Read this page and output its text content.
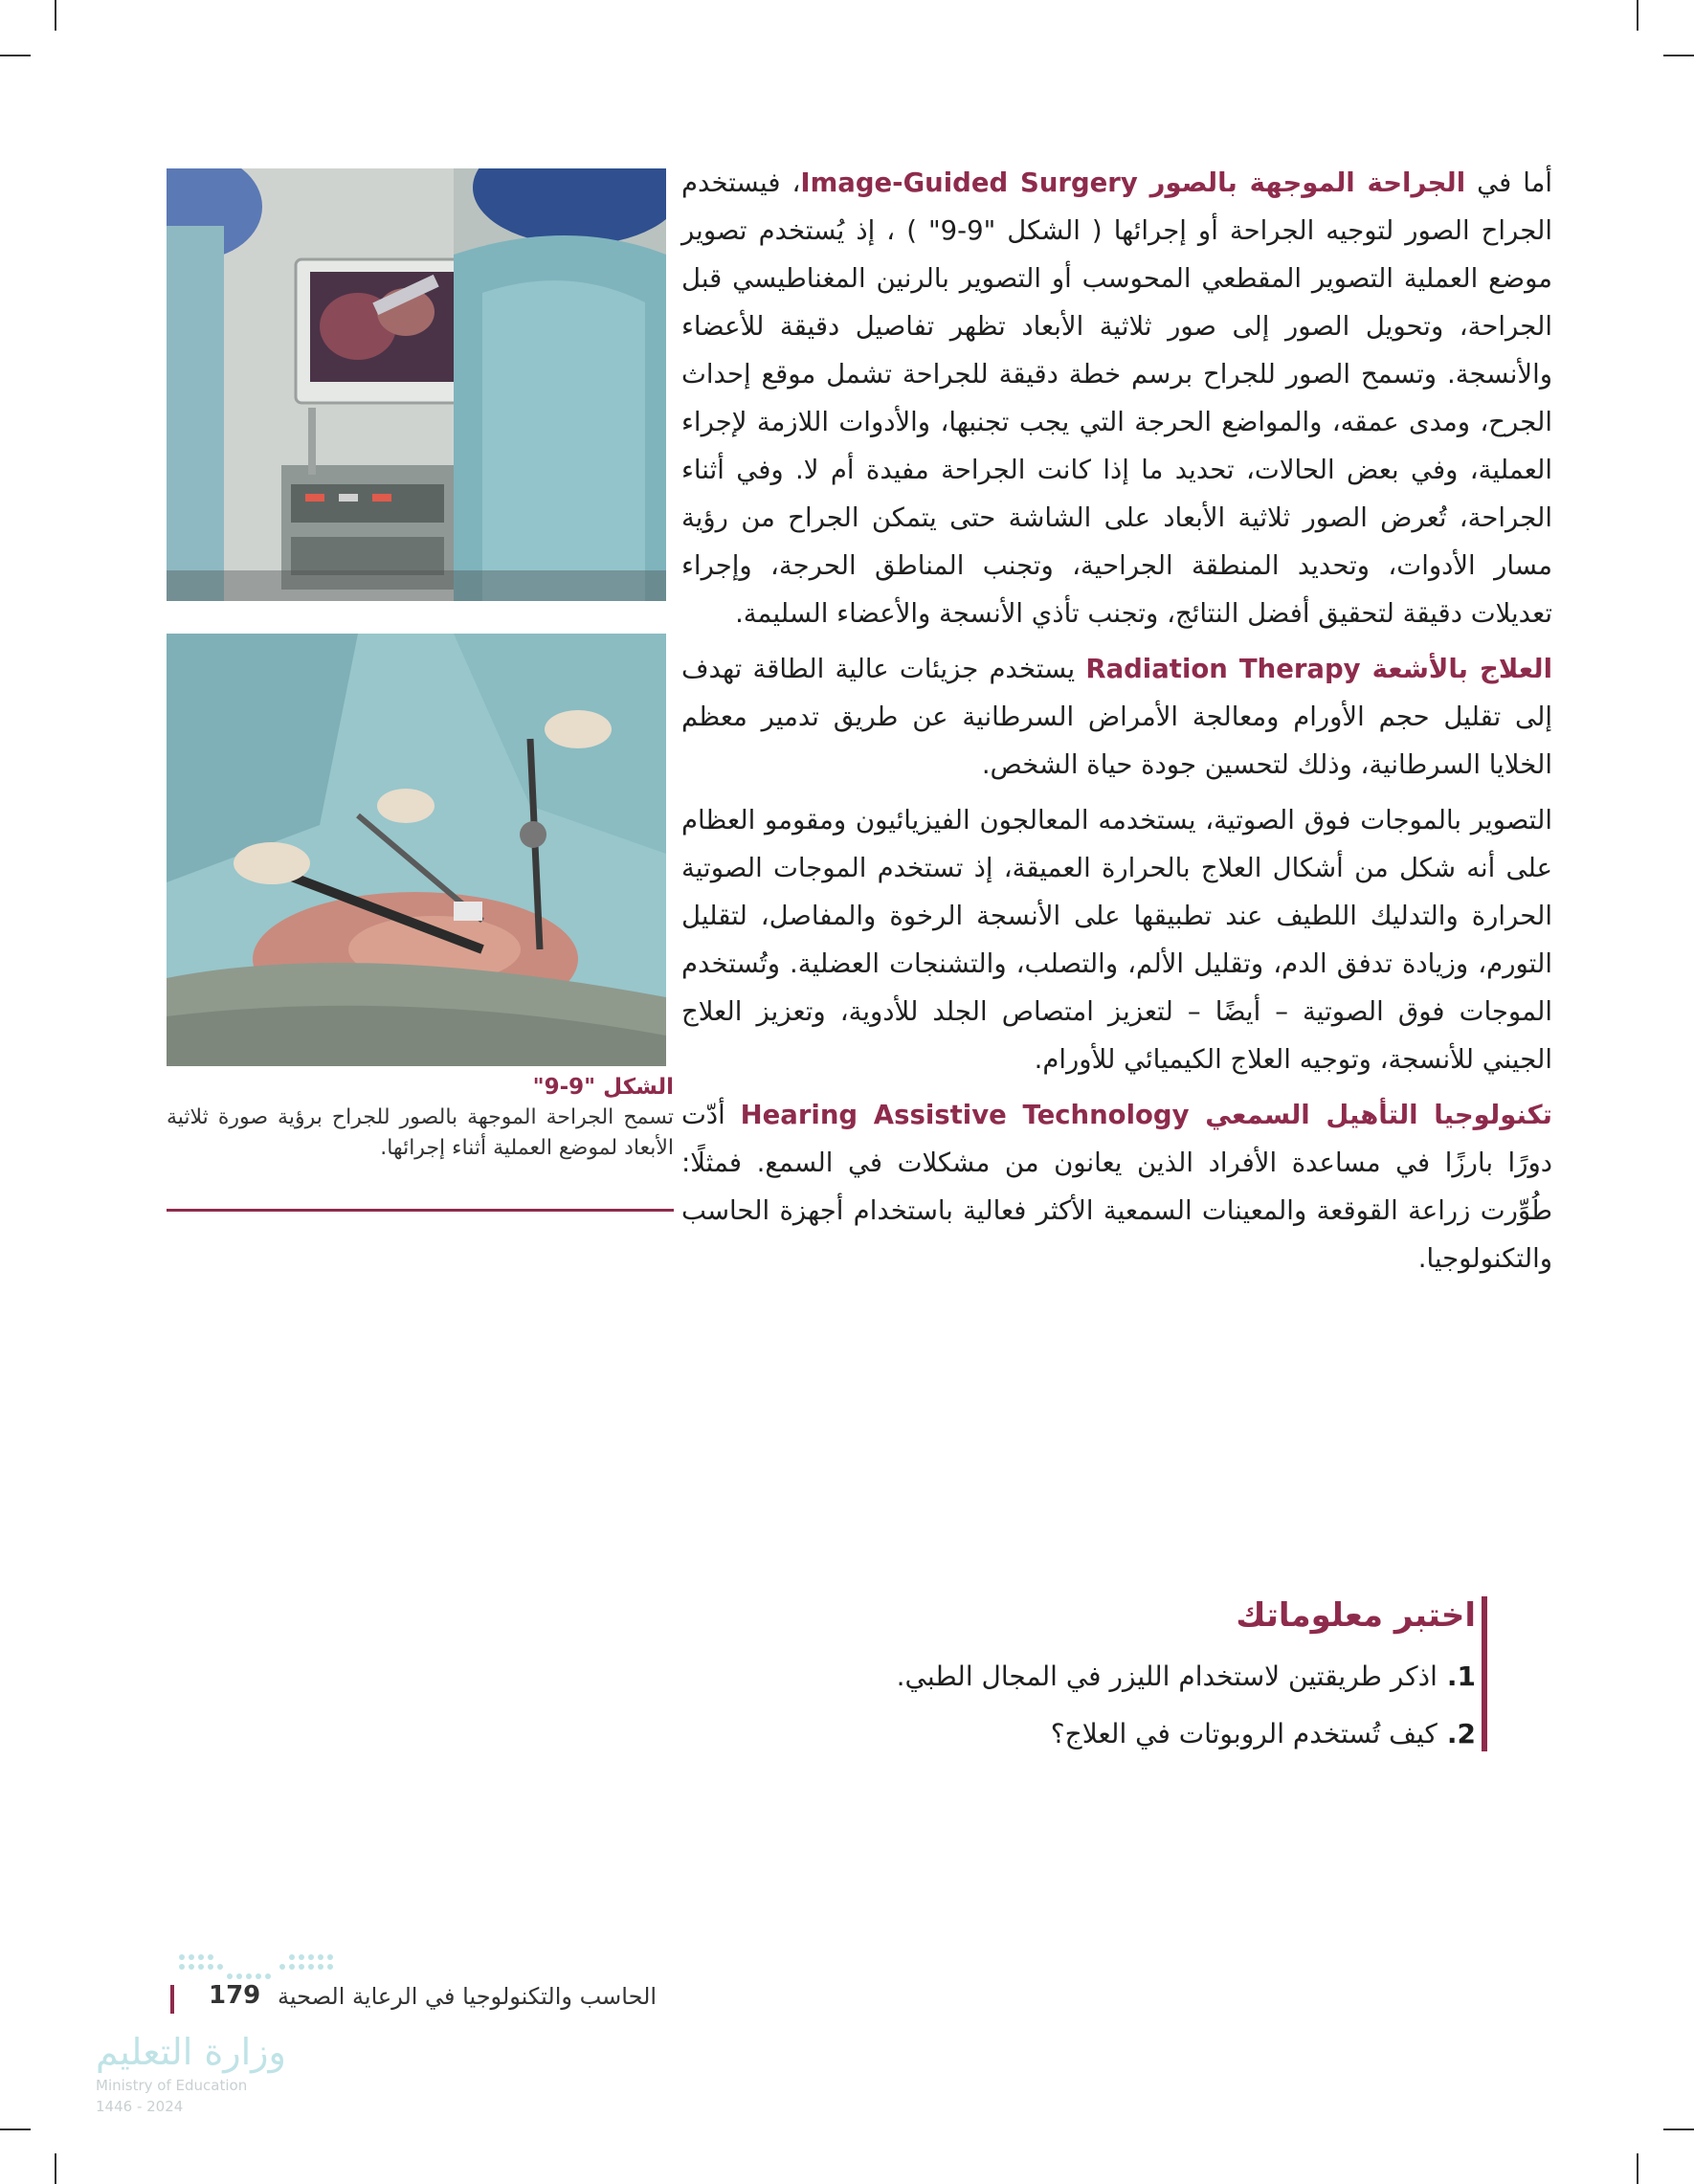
الشكل "9-9"
تسمح الجراحة الموجهة بالصور للجراح برؤية صورة ثلاثية الأبعاد لموضع العملية أثناء إجرائها.

أما في الجراحة الموجهة بالصور Image-Guided Surgery، فيستخدم الجراح الصور لتوجيه الجراحة أو إجرائها ( الشكل "9-9" ) ، إذ يُستخدم تصوير موضع العملية التصوير المقطعي المحوسب أو التصوير بالرنين المغناطيسي قبل الجراحة، وتحويل الصور إلى صور ثلاثية الأبعاد تظهر تفاصيل دقيقة للأعضاء والأنسجة. وتسمح الصور للجراح برسم خطة دقيقة للجراحة تشمل موقع إحداث الجرح، ومدى عمقه، والمواضع الحرجة التي يجب تجنبها، والأدوات اللازمة لإجراء العملية، وفي بعض الحالات، تحديد ما إذا كانت الجراحة مفيدة أم لا. وفي أثناء الجراحة، تُعرض الصور ثلاثية الأبعاد على الشاشة حتى يتمكن الجراح من رؤية مسار الأدوات، وتحديد المنطقة الجراحية، وتجنب المناطق الحرجة، وإجراء تعديلات دقيقة لتحقيق أفضل النتائج، وتجنب تأذي الأنسجة والأعضاء السليمة.

العلاج بالأشعة Radiation Therapy يستخدم جزيئات عالية الطاقة تهدف إلى تقليل حجم الأورام ومعالجة الأمراض السرطانية عن طريق تدمير معظم الخلايا السرطانية، وذلك لتحسين جودة حياة الشخص.

التصوير بالموجات فوق الصوتية، يستخدمه المعالجون الفيزيائيون ومقومو العظام على أنه شكل من أشكال العلاج بالحرارة العميقة، إذ تستخدم الموجات الصوتية الحرارة والتدليك اللطيف عند تطبيقها على الأنسجة الرخوة والمفاصل، لتقليل التورم، وزيادة تدفق الدم، وتقليل الألم، والتصلب، والتشنجات العضلية. وتُستخدم الموجات فوق الصوتية – أيضًا – لتعزيز امتصاص الجلد للأدوية، وتعزيز العلاج الجيني للأنسجة، وتوجيه العلاج الكيميائي للأورام.

تكنولوجيا التأهيل السمعي Hearing Assistive Technology أدّت دورًا بارزًا في مساعدة الأفراد الذين يعانون من مشكلات في السمع. فمثلًا: طُوِّرت زراعة القوقعة والمعينات السمعية الأكثر فعالية باستخدام أجهزة الحاسب والتكنولوجيا.

اختبر معلوماتك
1.اذكر طريقتين لاستخدام الليزر في المجال الطبي.
2.كيف تُستخدم الروبوتات في العلاج؟
179 الحاسب والتكنولوجيا في الرعاية الصحية
وزارة التعليم
Ministry of Education
2024 - 1446
